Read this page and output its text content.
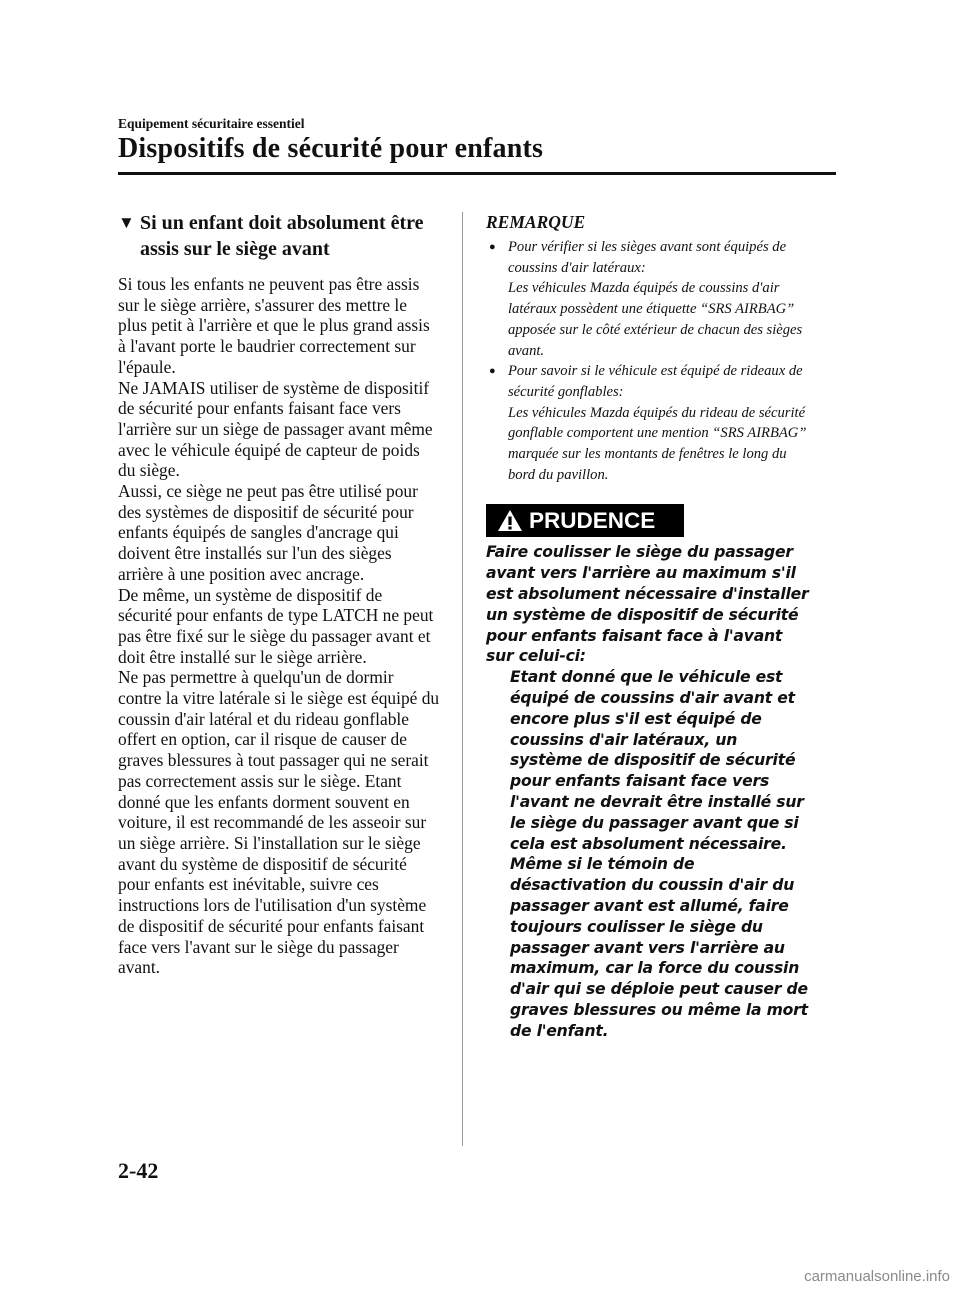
Equipement sécuritaire essentiel
Dispositifs de sécurité pour enfants
▼ Si un enfant doit absolument être
assis sur le siège avant

Si tous les enfants ne peuvent pas être assis sur le siège arrière, s'assurer des mettre le plus petit à l'arrière et que le plus grand assis à l'avant porte le baudrier correctement sur l'épaule.

Ne JAMAIS utiliser de système de dispositif de sécurité pour enfants faisant face vers l'arrière sur un siège de passager avant même avec le véhicule équipé de capteur de poids du siège.

Aussi, ce siège ne peut pas être utilisé pour des systèmes de dispositif de sécurité pour enfants équipés de sangles d'ancrage qui doivent être installés sur l'un des sièges arrière à une position avec ancrage.

De même, un système de dispositif de sécurité pour enfants de type LATCH ne peut pas être fixé sur le siège du passager avant et doit être installé sur le siège arrière.

Ne pas permettre à quelqu'un de dormir contre la vitre latérale si le siège est équipé du coussin d'air latéral et du rideau gonflable offert en option, car il risque de causer de graves blessures à tout passager qui ne serait pas correctement assis sur le siège. Etant donné que les enfants dorment souvent en voiture, il est recommandé de les asseoir sur un siège arrière. Si l'installation sur le siège avant du système de dispositif de sécurité pour enfants est inévitable, suivre ces instructions lors de l'utilisation d'un système de dispositif de sécurité pour enfants faisant face vers l'avant sur le siège du passager avant.

REMARQUE
● Pour vérifier si les sièges avant sont équipés de coussins d'air latéraux:

Les véhicules Mazda équipés de coussins d'air latéraux possèdent une étiquette “SRS AIRBAG” apposée sur le côté extérieur de chacun des sièges avant.

● Pour savoir si le véhicule est équipé de rideaux de sécurité gonflables:

Les véhicules Mazda équipés du rideau de sécurité gonflable comportent une mention “SRS AIRBAG” marquée sur les montants de fenêtres le long du bord du pavillon.

PRUDENCE

Faire coulisser le siège du passager avant vers l'arrière au maximum s'il est absolument nécessaire d'installer un système de dispositif de sécurité pour enfants faisant face à l'avant sur celui-ci:

Etant donné que le véhicule est équipé de coussins d'air avant et encore plus s'il est équipé de coussins d'air latéraux, un système de dispositif de sécurité pour enfants faisant face vers l'avant ne devrait être installé sur le siège du passager avant que si cela est absolument nécessaire.

Même si le témoin de désactivation du coussin d'air du passager avant est allumé, faire toujours coulisser le siège du passager avant vers l'arrière au maximum, car la force du coussin d'air qui se déploie peut causer de graves blessures ou même la mort de l'enfant.

2-42
carmanualsonline.info
